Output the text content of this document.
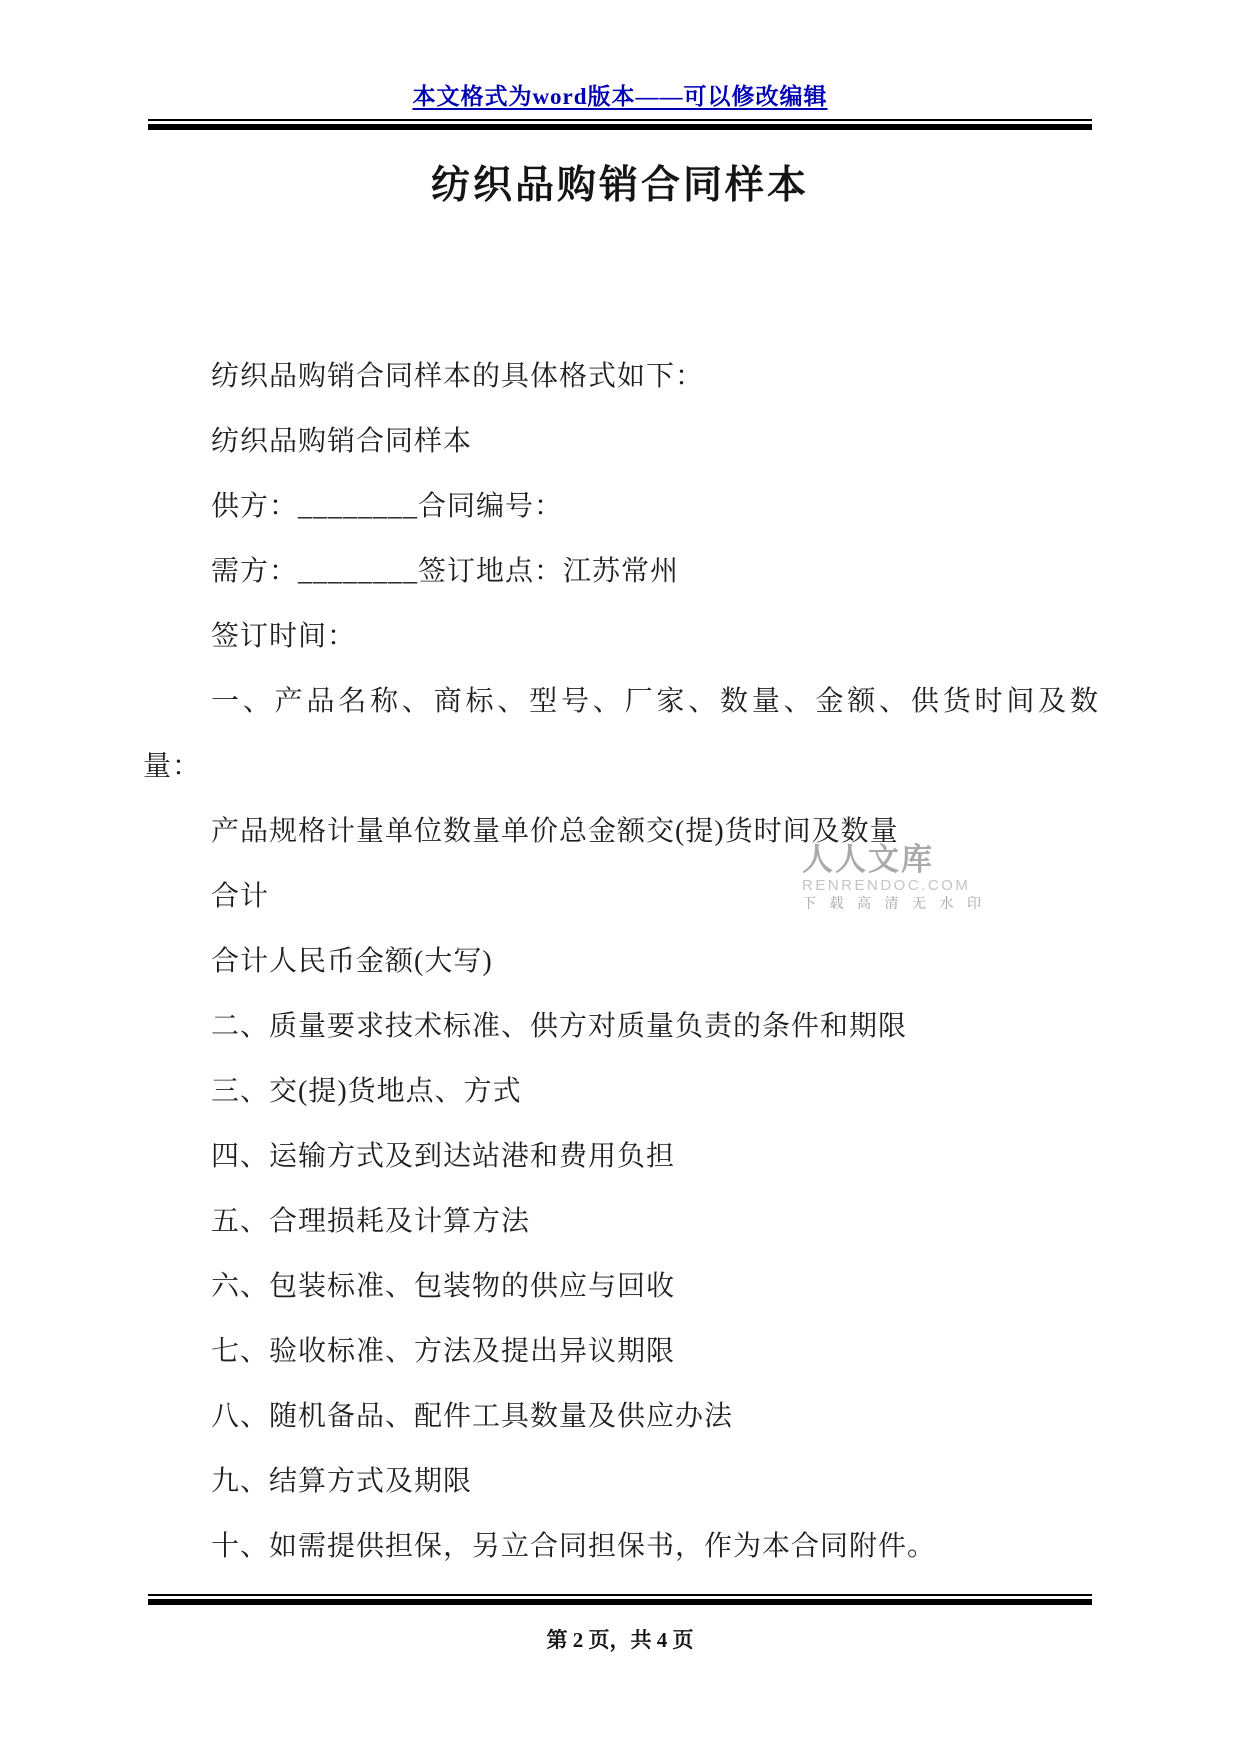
本文格式为word版本——可以修改编辑
纺织品购销合同样本
纺织品购销合同样本的具体格式如下：
纺织品购销合同样本
供方：________合同编号：
需方：________签订地点：江苏常州
签订时间：
一、产品名称、商标、型号、厂家、数量、金额、供货时间及数
量：
产品规格计量单位数量单价总金额交(提)货时间及数量
合计
合计人民币金额(大写)
二、质量要求技术标准、供方对质量负责的条件和期限
三、交(提)货地点、方式
四、运输方式及到达站港和费用负担
五、合理损耗及计算方法
六、包装标准、包装物的供应与回收
七、验收标准、方法及提出异议期限
八、随机备品、配件工具数量及供应办法
九、结算方式及期限
十、如需提供担保，另立合同担保书，作为本合同附件。
人人文库
RENRENDOC.COM
下 载 高 清 无 水 印
第 2 页，共 4 页
